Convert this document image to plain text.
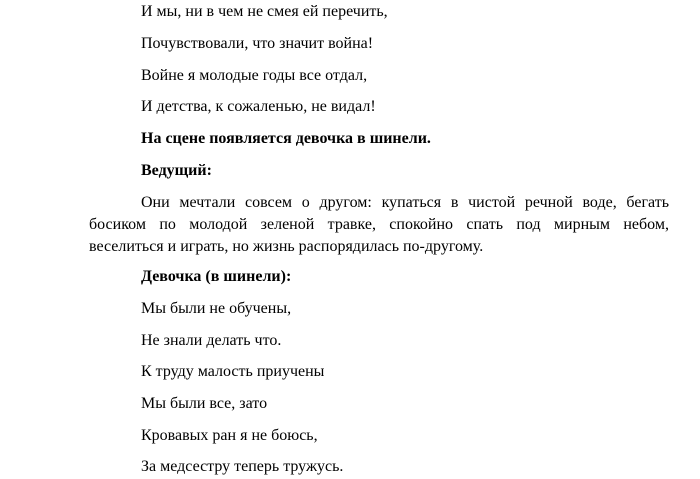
И мы, ни в чем не смея ей перечить,
Почувствовали, что значит война!
Войне я молодые годы все отдал,
И детства, к сожаленью, не видал!
На сцене появляется девочка в шинели.
Ведущий:
Они мечтали совсем о другом: купаться в чистой речной воде, бегать
босиком по молодой зеленой травке, спокойно спать под мирным небом,
веселиться и играть, но жизнь распорядилась по-другому.
Девочка (в шинели):
Мы были не обучены,
Не знали делать что.
К труду малость приучены
Мы были все, зато
Кровавых ран я не боюсь,
За медсестру теперь тружусь.
